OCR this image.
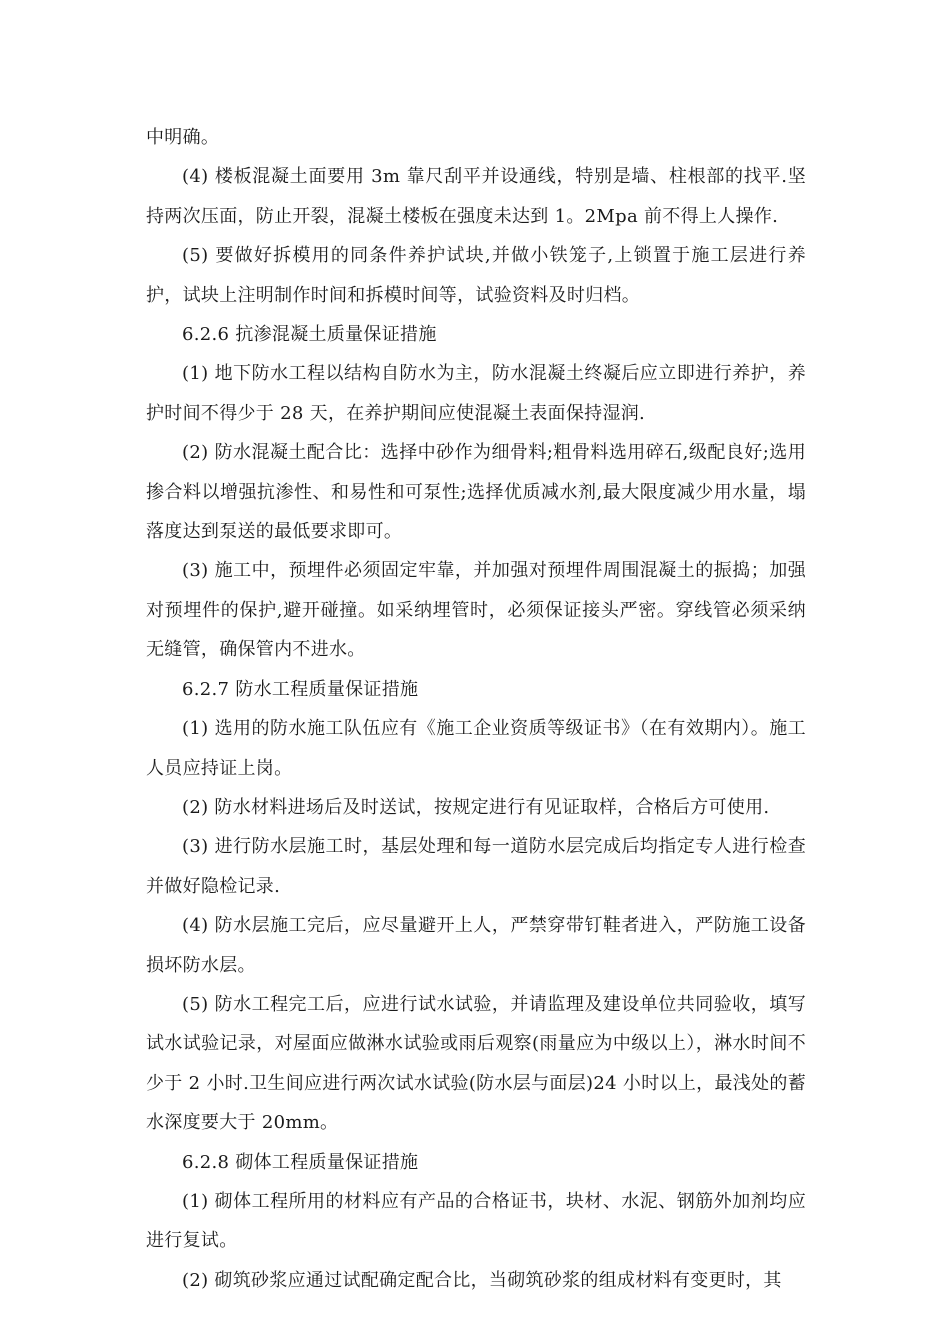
中明确。

(4) 楼板混凝土面要用 3m 靠尺刮平并设通线，特别是墙、柱根部的找平.坚持两次压面，防止开裂，混凝土楼板在强度未达到 1。2Mpa 前不得上人操作.

(5) 要做好拆模用的同条件养护试块,并做小铁笼子,上锁置于施工层进行养护，试块上注明制作时间和拆模时间等，试验资料及时归档。

6.2.6 抗渗混凝土质量保证措施

(1) 地下防水工程以结构自防水为主，防水混凝土终凝后应立即进行养护，养护时间不得少于 28 天，在养护期间应使混凝土表面保持湿润.

(2) 防水混凝土配合比：选择中砂作为细骨料;粗骨料选用碎石,级配良好;选用掺合料以增强抗渗性、和易性和可泵性;选择优质减水剂,最大限度减少用水量，塌落度达到泵送的最低要求即可。

(3) 施工中，预埋件必须固定牢靠，并加强对预埋件周围混凝土的振捣；加强对预埋件的保护,避开碰撞。如采纳埋管时，必须保证接头严密。穿线管必须采纳无缝管，确保管内不进水。

6.2.7 防水工程质量保证措施

(1) 选用的防水施工队伍应有《施工企业资质等级证书》（在有效期内）。施工人员应持证上岗。

(2) 防水材料进场后及时送试，按规定进行有见证取样，合格后方可使用.

(3) 进行防水层施工时，基层处理和每一道防水层完成后均指定专人进行检查并做好隐检记录.

(4) 防水层施工完后，应尽量避开上人，严禁穿带钉鞋者进入，严防施工设备损坏防水层。

(5) 防水工程完工后，应进行试水试验，并请监理及建设单位共同验收，填写试水试验记录，对屋面应做淋水试验或雨后观察(雨量应为中级以上），淋水时间不少于 2 小时.卫生间应进行两次试水试验(防水层与面层)24 小时以上，最浅处的蓄水深度要大于 20mm。

6.2.8 砌体工程质量保证措施

(1) 砌体工程所用的材料应有产品的合格证书，块材、水泥、钢筋外加剂均应进行复试。

(2) 砌筑砂浆应通过试配确定配合比，当砌筑砂浆的组成材料有变更时，其
